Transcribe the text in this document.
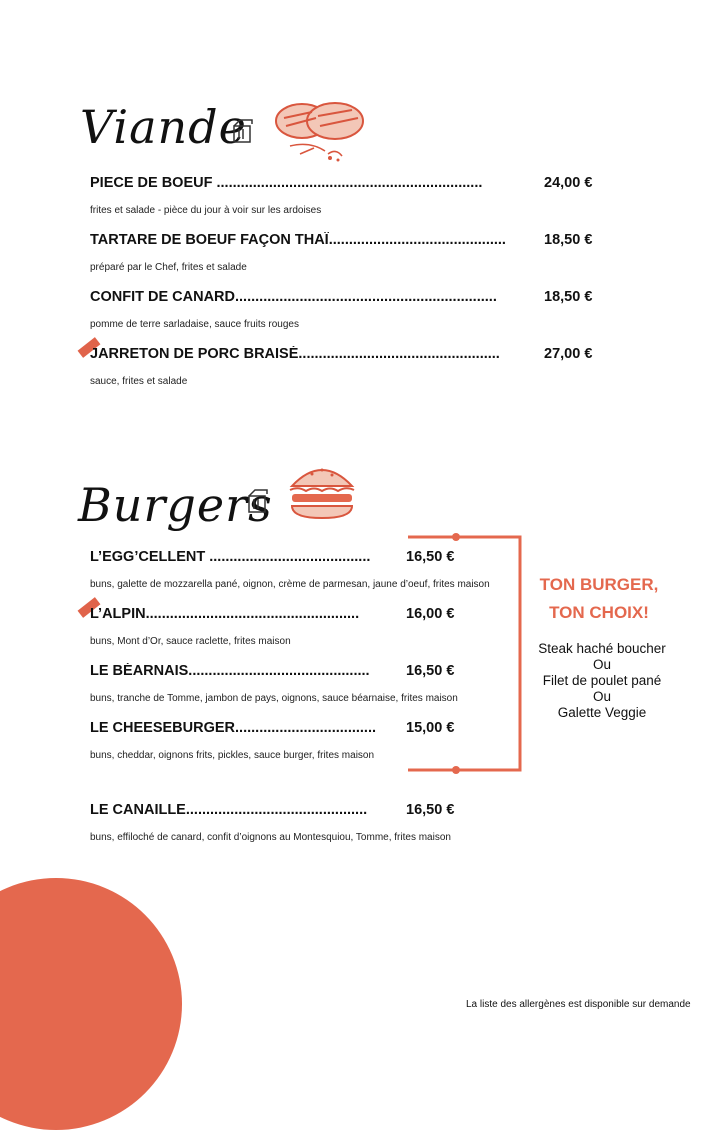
Viande
PIECE DE BOEUF ..................................................................	24,00 €
frites et salade - pièce du jour à voir sur les ardoises
TARTARE DE BOEUF FAÇON THAÏ............................................	18,50 €
préparé par le Chef, frites et salade
CONFIT DE CANARD.................................................................	18,50 €
pomme de terre sarladaise, sauce fruits rouges
JARRETON DE PORC BRAISÉ..................................................	27,00 €
sauce, frites et salade
Burgers
L’EGG’CELLENT ........................................	16,50 €
buns, galette de mozzarella pané, oignon, crème de parmesan, jaune d’oeuf, frites maison
L’ALPIN.....................................................	16,00 €
buns, Mont d’Or, sauce raclette, frites maison
LE BÉARNAIS.............................................	16,50 €
buns, tranche de Tomme, jambon de pays, oignons, sauce béarnaise, frites maison
LE CHEESEBURGER...................................	15,00 €
buns, cheddar, oignons frits, pickles, sauce burger, frites maison
LE CANAILLE.............................................	16,50 €
buns, effiloché de canard, confit d’oignons au Montesquiou, Tomme, frites maison
TON BURGER,
TON CHOIX!
Steak haché boucher
Ou
Filet de poulet pané
Ou
Galette Veggie
La liste des allergènes est disponible sur demande
